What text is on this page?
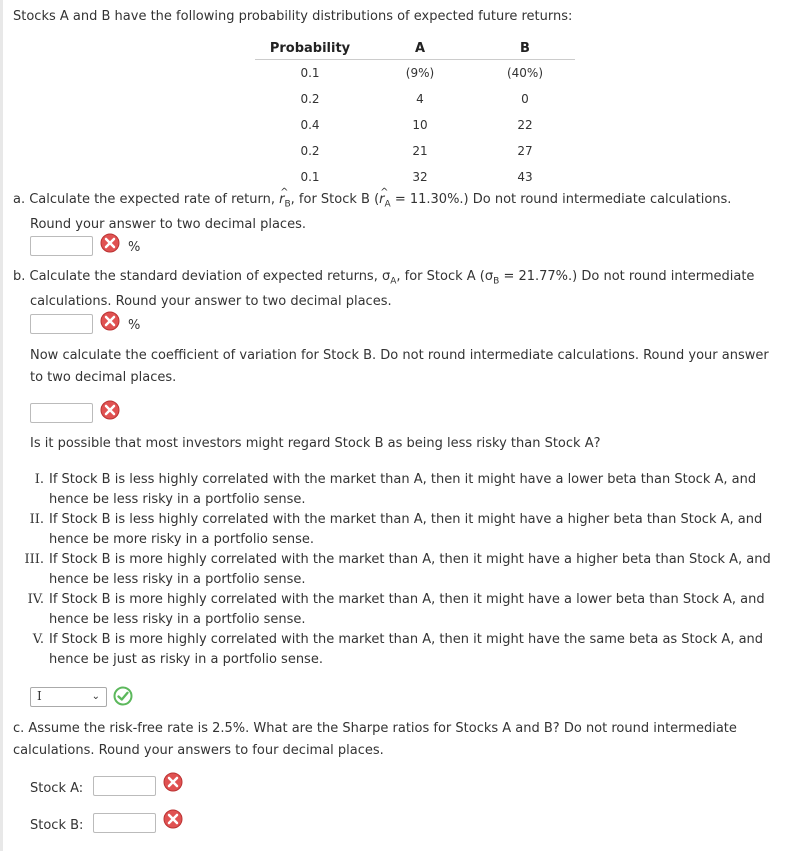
Stocks A and B have the following probability distributions of expected future returns:
Probability	A	B
0.1	(9%)	(40%)
0.2	4	0
0.4	10	22
0.2	21	27
0.1	32	43
a. Calculate the expected rate of return, ^ $r_B$, for Stock B (^ $r_A = 11.30\%$.) Do not round intermediate calculations.
Round your answer to two decimal places.
%
b. Calculate the standard deviation of expected returns, $\sigma_A$, for Stock A $(\sigma_B = 21.77\%.)$ Do not round intermediate
calculations. Round your answer to two decimal places.
%
Now calculate the coefficient of variation for Stock B. Do not round intermediate calculations. Round your answer to two decimal places.
Is it possible that most investors might regard Stock B as being less risky than Stock A?
I. If Stock B is less highly correlated with the market than A, then it might have a lower beta than Stock A, and hence be less risky in a portfolio sense.
II. If Stock B is less highly correlated with the market than A, then it might have a higher beta than Stock A, and hence be more risky in a portfolio sense.
III. If Stock B is more highly correlated with the market than A, then it might have a higher beta than Stock A, and hence be less risky in a portfolio sense.
IV. If Stock B is more highly correlated with the market than A, then it might have a lower beta than Stock A, and hence be less risky in a portfolio sense.
V. If Stock B is more highly correlated with the market than A, then it might have the same beta as Stock A, and hence be just as risky in a portfolio sense.
I	⌄
c. Assume the risk-free rate is 2.5%. What are the Sharpe ratios for Stocks A and B? Do not round intermediate calculations. Round your answers to four decimal places.
Stock A:
Stock B:
